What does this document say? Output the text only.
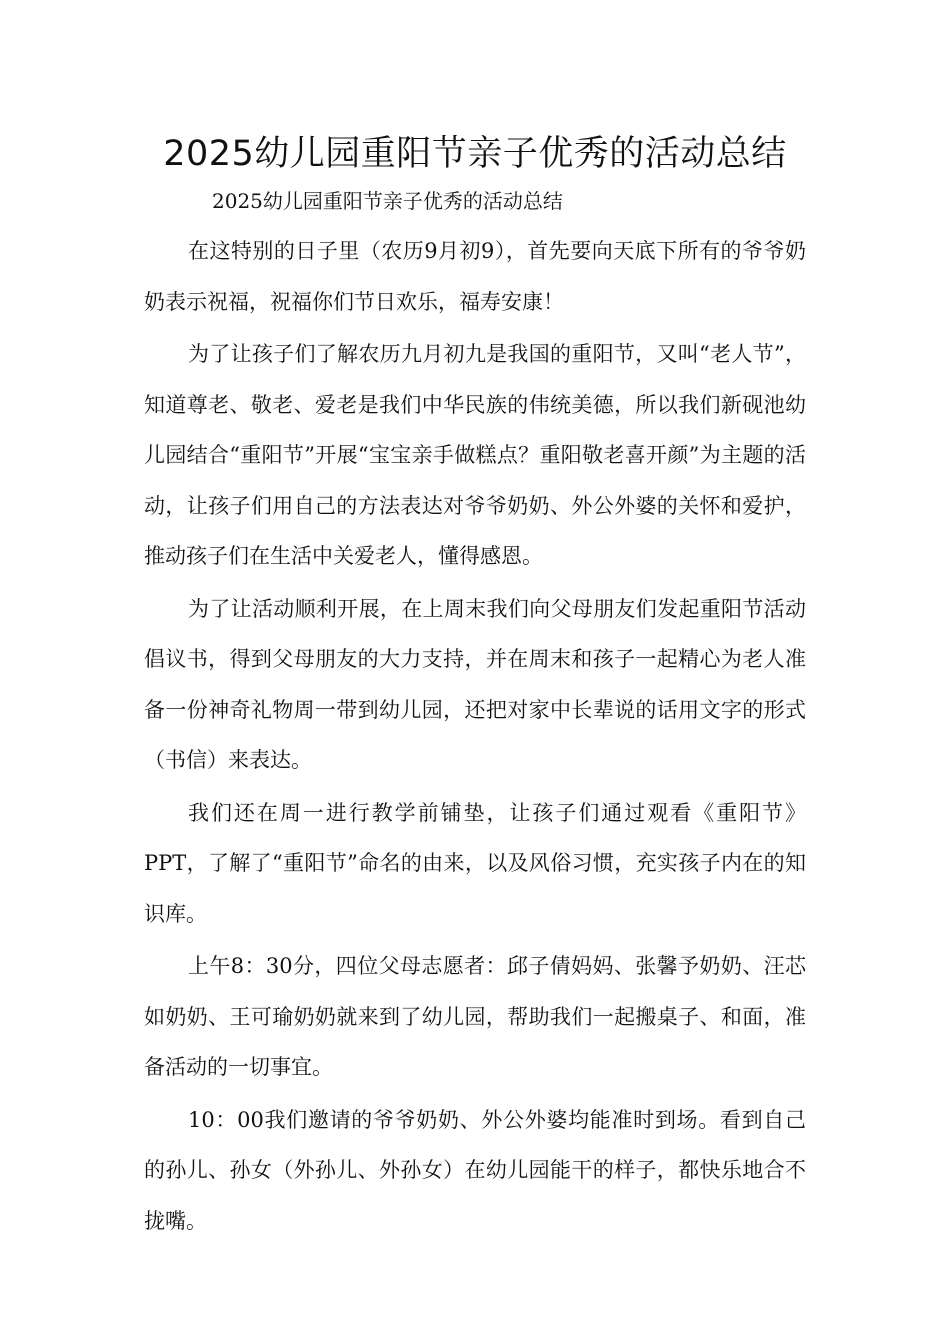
2025幼儿园重阳节亲子优秀的活动总结

2025幼儿园重阳节亲子优秀的活动总结

在这特别的日子里（农历9月初9），首先要向天底下所有的爷爷奶奶表示祝福，祝福你们节日欢乐，福寿安康！

为了让孩子们了解农历九月初九是我国的重阳节，又叫“老人节”，知道尊老、敬老、爱老是我们中华民族的伟统美德，所以我们新砚池幼儿园结合“重阳节”开展“宝宝亲手做糕点？重阳敬老喜开颜”为主题的活动，让孩子们用自己的方法表达对爷爷奶奶、外公外婆的关怀和爱护，推动孩子们在生活中关爱老人，懂得感恩。

为了让活动顺利开展，在上周末我们向父母朋友们发起重阳节活动倡议书，得到父母朋友的大力支持，并在周末和孩子一起精心为老人准备一份神奇礼物周一带到幼儿园，还把对家中长辈说的话用文字的形式（书信）来表达。

我们还在周一进行教学前铺垫，让孩子们通过观看《重阳节》PPT，了解了“重阳节”命名的由来，以及风俗习惯，充实孩子内在的知识库。

上午8：30分，四位父母志愿者：邱子倩妈妈、张馨予奶奶、汪芯如奶奶、王可瑜奶奶就来到了幼儿园，帮助我们一起搬桌子、和面，准备活动的一切事宜。

10：00我们邀请的爷爷奶奶、外公外婆均能准时到场。看到自己的孙儿、孙女（外孙儿、外孙女）在幼儿园能干的样子，都快乐地合不拢嘴。
